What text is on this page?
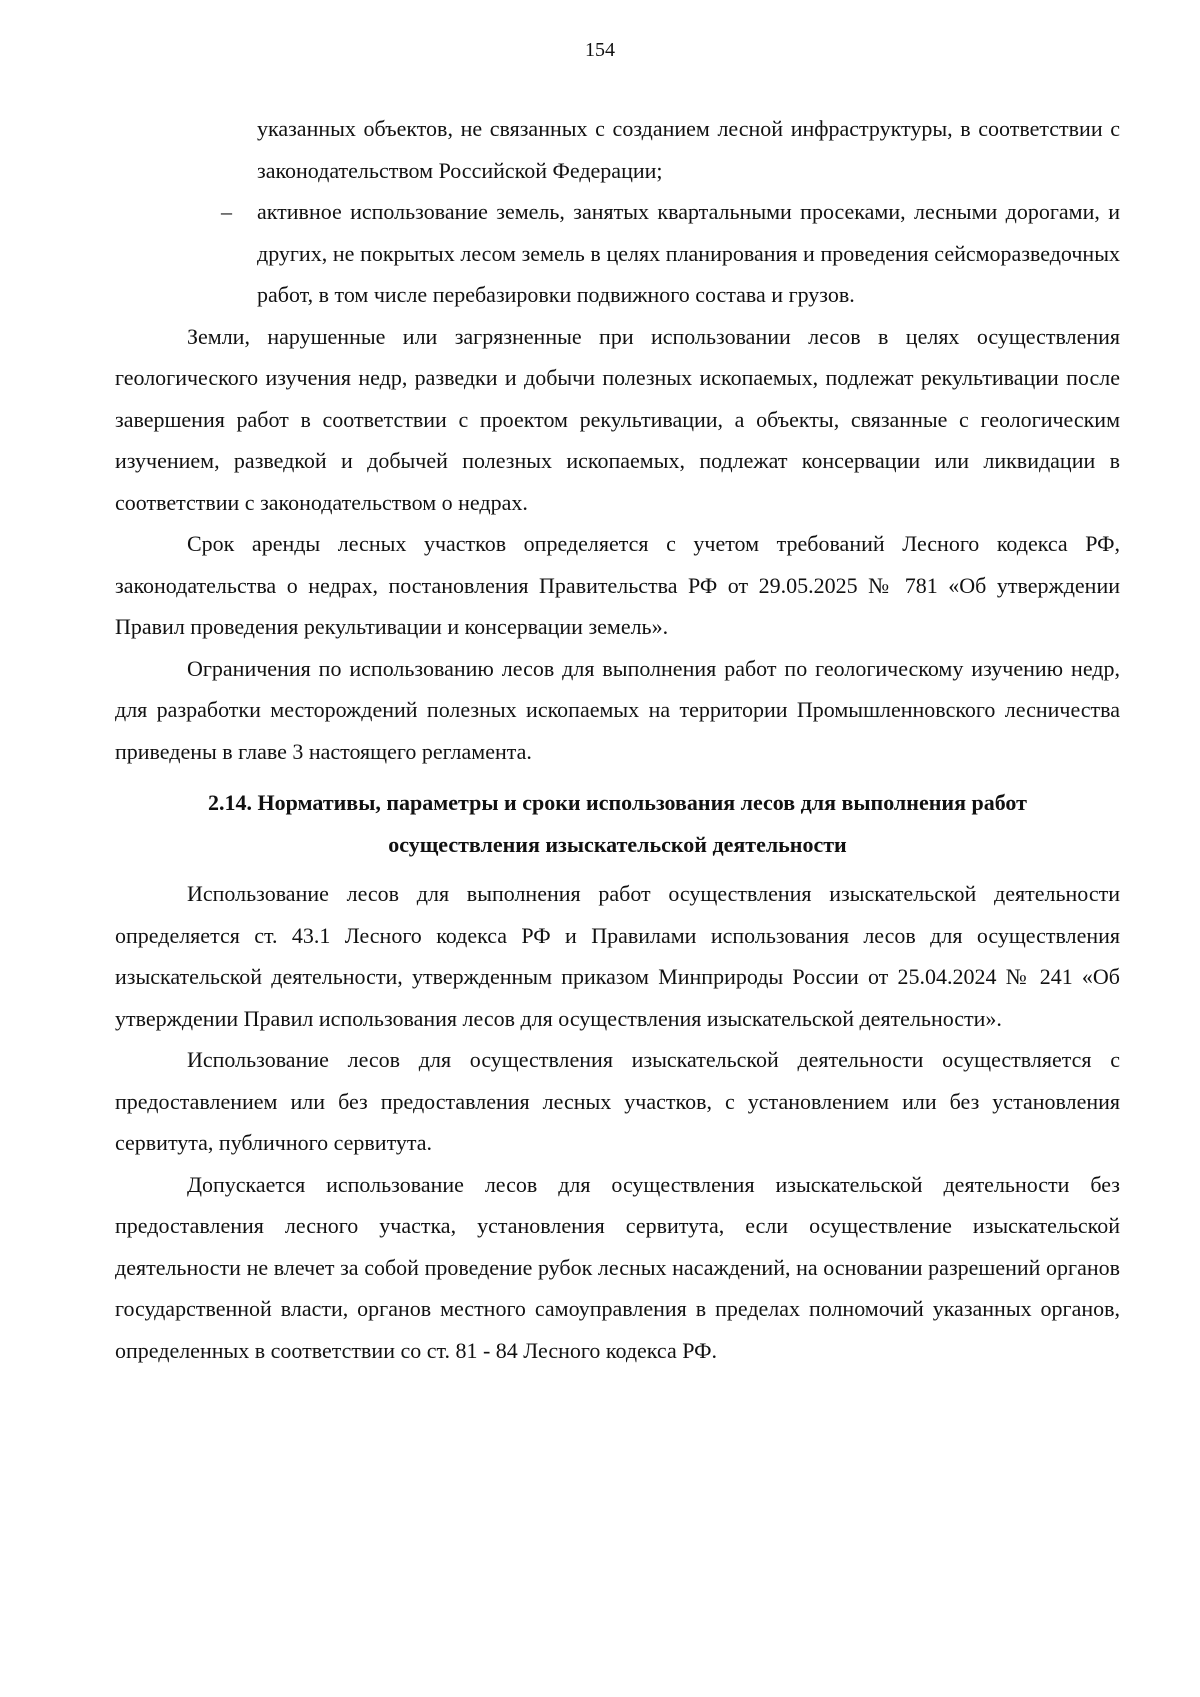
154

указанных объектов, не связанных с созданием лесной инфраструктуры, в соответствии с законодательством Российской Федерации;

– активное использование земель, занятых квартальными просеками, лесными дорогами, и других, не покрытых лесом земель в целях планирования и проведения сейсморазведочных работ, в том числе перебазировки подвижного состава и грузов.

Земли, нарушенные или загрязненные при использовании лесов в целях осуществления геологического изучения недр, разведки и добычи полезных ископаемых, подлежат рекультивации после завершения работ в соответствии с проектом рекультивации, а объекты, связанные с геологическим изучением, разведкой и добычей полезных ископаемых, подлежат консервации или ликвидации в соответствии с законодательством о недрах.

Срок аренды лесных участков определяется с учетом требований Лесного кодекса РФ, законодательства о недрах, постановления Правительства РФ от 29.05.2025 № 781 «Об утверждении Правил проведения рекультивации и консервации земель».

Ограничения по использованию лесов для выполнения работ по геологическому изучению недр, для разработки месторождений полезных ископаемых на территории Промышленновского лесничества приведены в главе 3 настоящего регламента.

2.14. Нормативы, параметры и сроки использования лесов для выполнения работ осуществления изыскательской деятельности

Использование лесов для выполнения работ осуществления изыскательской деятельности определяется ст. 43.1 Лесного кодекса РФ и Правилами использования лесов для осуществления изыскательской деятельности, утвержденным приказом Минприроды России от 25.04.2024 № 241 «Об утверждении Правил использования лесов для осуществления изыскательской деятельности».

Использование лесов для осуществления изыскательской деятельности осуществляется с предоставлением или без предоставления лесных участков, с установлением или без установления сервитута, публичного сервитута.

Допускается использование лесов для осуществления изыскательской деятельности без предоставления лесного участка, установления сервитута, если осуществление изыскательской деятельности не влечет за собой проведение рубок лесных насаждений, на основании разрешений органов государственной власти, органов местного самоуправления в пределах полномочий указанных органов, определенных в соответствии со ст. 81 - 84 Лесного кодекса РФ.
